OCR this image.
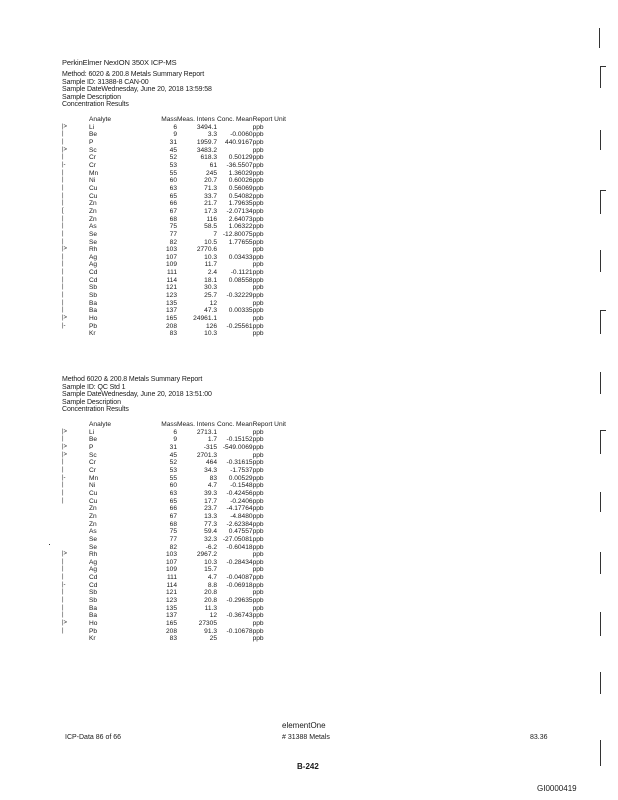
PerkinElmer NexION 350X ICP-MS
Method: 6020 & 200.8 Metals Summary Report
Sample ID: 31388-8 CAN-00
Sample DateWednesday, June 20, 2018 13:59:58
Sample Description
Concentration Results
	Analyte	Mass	Meas. Intens	Conc. Mean	Report Unit
|>	Li	6	3494.1		ppb
|	Be	9	3.3	-0.0060	ppb
|	P	31	1959.7	440.9167	ppb
|>	Sc	45	3483.2		ppb
|	Cr	52	618.3	0.50129	ppb
|-	Cr	53	61	-36.5507	ppb
|	Mn	55	245	1.36029	ppb
|	Ni	60	20.7	0.60026	ppb
|	Cu	63	71.3	0.56069	ppb
|	Cu	65	33.7	0.54082	ppb
|	Zn	66	21.7	1.79635	ppb
[	Zn	67	17.3	-2.07134	ppb
|	Zn	68	116	2.64073	ppb
|	As	75	58.5	1.06322	ppb
|	Se	77	7	-12.80075	ppb
|	Se	82	10.5	1.77655	ppb
|>	Rh	103	2770.6		ppb
|	Ag	107	10.3	0.03433	ppb
|	Ag	109	11.7		ppb
|	Cd	111	2.4	-0.1121	ppb
|	Cd	114	18.1	0.08558	ppb
|	Sb	121	30.3		ppb
|	Sb	123	25.7	-0.32229	ppb
|	Ba	135	12		ppb
|	Ba	137	47.3	0.00335	ppb
|>	Ho	165	24961.1		ppb
|-	Pb	208	126	-0.25561	ppb
	Kr	83	10.3		ppb
Method 6020 & 200.8 Metals Summary Report
Sample ID: QC Std 1
Sample DateWednesday, June 20, 2018 13:51:00
Sample Description
Concentration Results
	Analyte	Mass	Meas. Intens	Conc. Mean	Report Unit
|>	Li	6	2713.1		ppb
|	Be	9	1.7	-0.15152	ppb
|>	P	31	-315	-549.0069	ppb
|>	Sc	45	2701.3		ppb
|	Cr	52	464	-0.31615	ppb
|	Cr	53	34.3	-1.7537	ppb
|-	Mn	55	83	0.00529	ppb
|	Ni	60	4.7	-0.1548	ppb
|	Cu	63	39.3	-0.42456	ppb
|	Cu	65	17.7	-0.2406	ppb
	Zn	66	23.7	-4.17764	ppb
	Zn	67	13.3	-4.8480	ppb
	Zn	68	77.3	-2.62384	ppb
	As	75	59.4	0.47557	ppb
	Se	77	32.3	-27.05081	ppb
	Se	82	-6.2	-0.60418	ppb
|>	Rh	103	2967.2		ppb
|	Ag	107	10.3	-0.28434	ppb
|	Ag	109	15.7		ppb
|	Cd	111	4.7	-0.04087	ppb
|-	Cd	114	8.8	-0.06918	ppb
|	Sb	121	20.8		ppb
|	Sb	123	20.8	-0.29635	ppb
|	Ba	135	11.3		ppb
|	Ba	137	12	-0.36743	ppb
|>	Ho	165	27305		ppb
|	Pb	208	91.3	-0.10678	ppb
	Kr	83	25		ppb
elementOne
ICP-Data 86 of 66	# 31388 Metals	83.36
B-242
GI0000419
